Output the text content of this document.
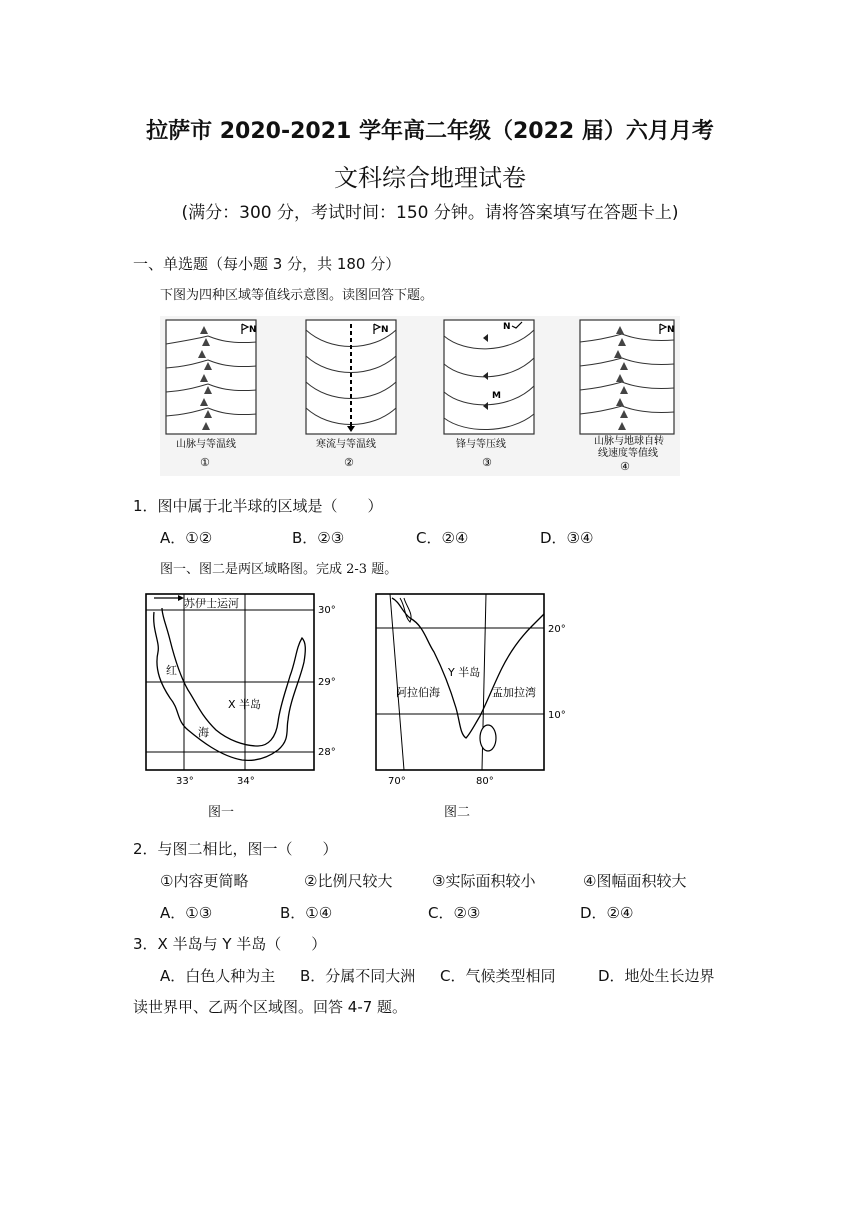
拉萨市 2020-2021 学年高二年级（2022 届）六月月考
文科综合地理试卷
(满分：300 分，考试时间：150 分钟。请将答案填写在答题卡上)
一、单选题（每小题 3 分，共 180 分）
下图为四种区域等值线示意图。读图回答下题。
N
山脉与等温线
①
N
寒流与等温线
②
N
M
锋与等压线
③
N
山脉与地球自转
线速度等值线
④
1．图中属于北半球的区域是（　　）
A．①②	B．②③	C．②④	D．③④
图一、图二是两区域略图。完成 2-3 题。
苏伊士运河
30°
29°
28°
33°	34°
红
海
X 半岛
图一
20°
10°
70°	80°
Y 半岛
阿拉伯海	孟加拉湾
图二
2．与图二相比，图一（　　）
①内容更简略	②比例尺较大	③实际面积较小	④图幅面积较大
A．①③	B．①④	C．②③	D．②④
3．X 半岛与 Y 半岛（　　）
A．白色人种为主 B．分属不同大洲 C．气候类型相同	D．地处生长边界
读世界甲、乙两个区域图。回答 4-7 题。
